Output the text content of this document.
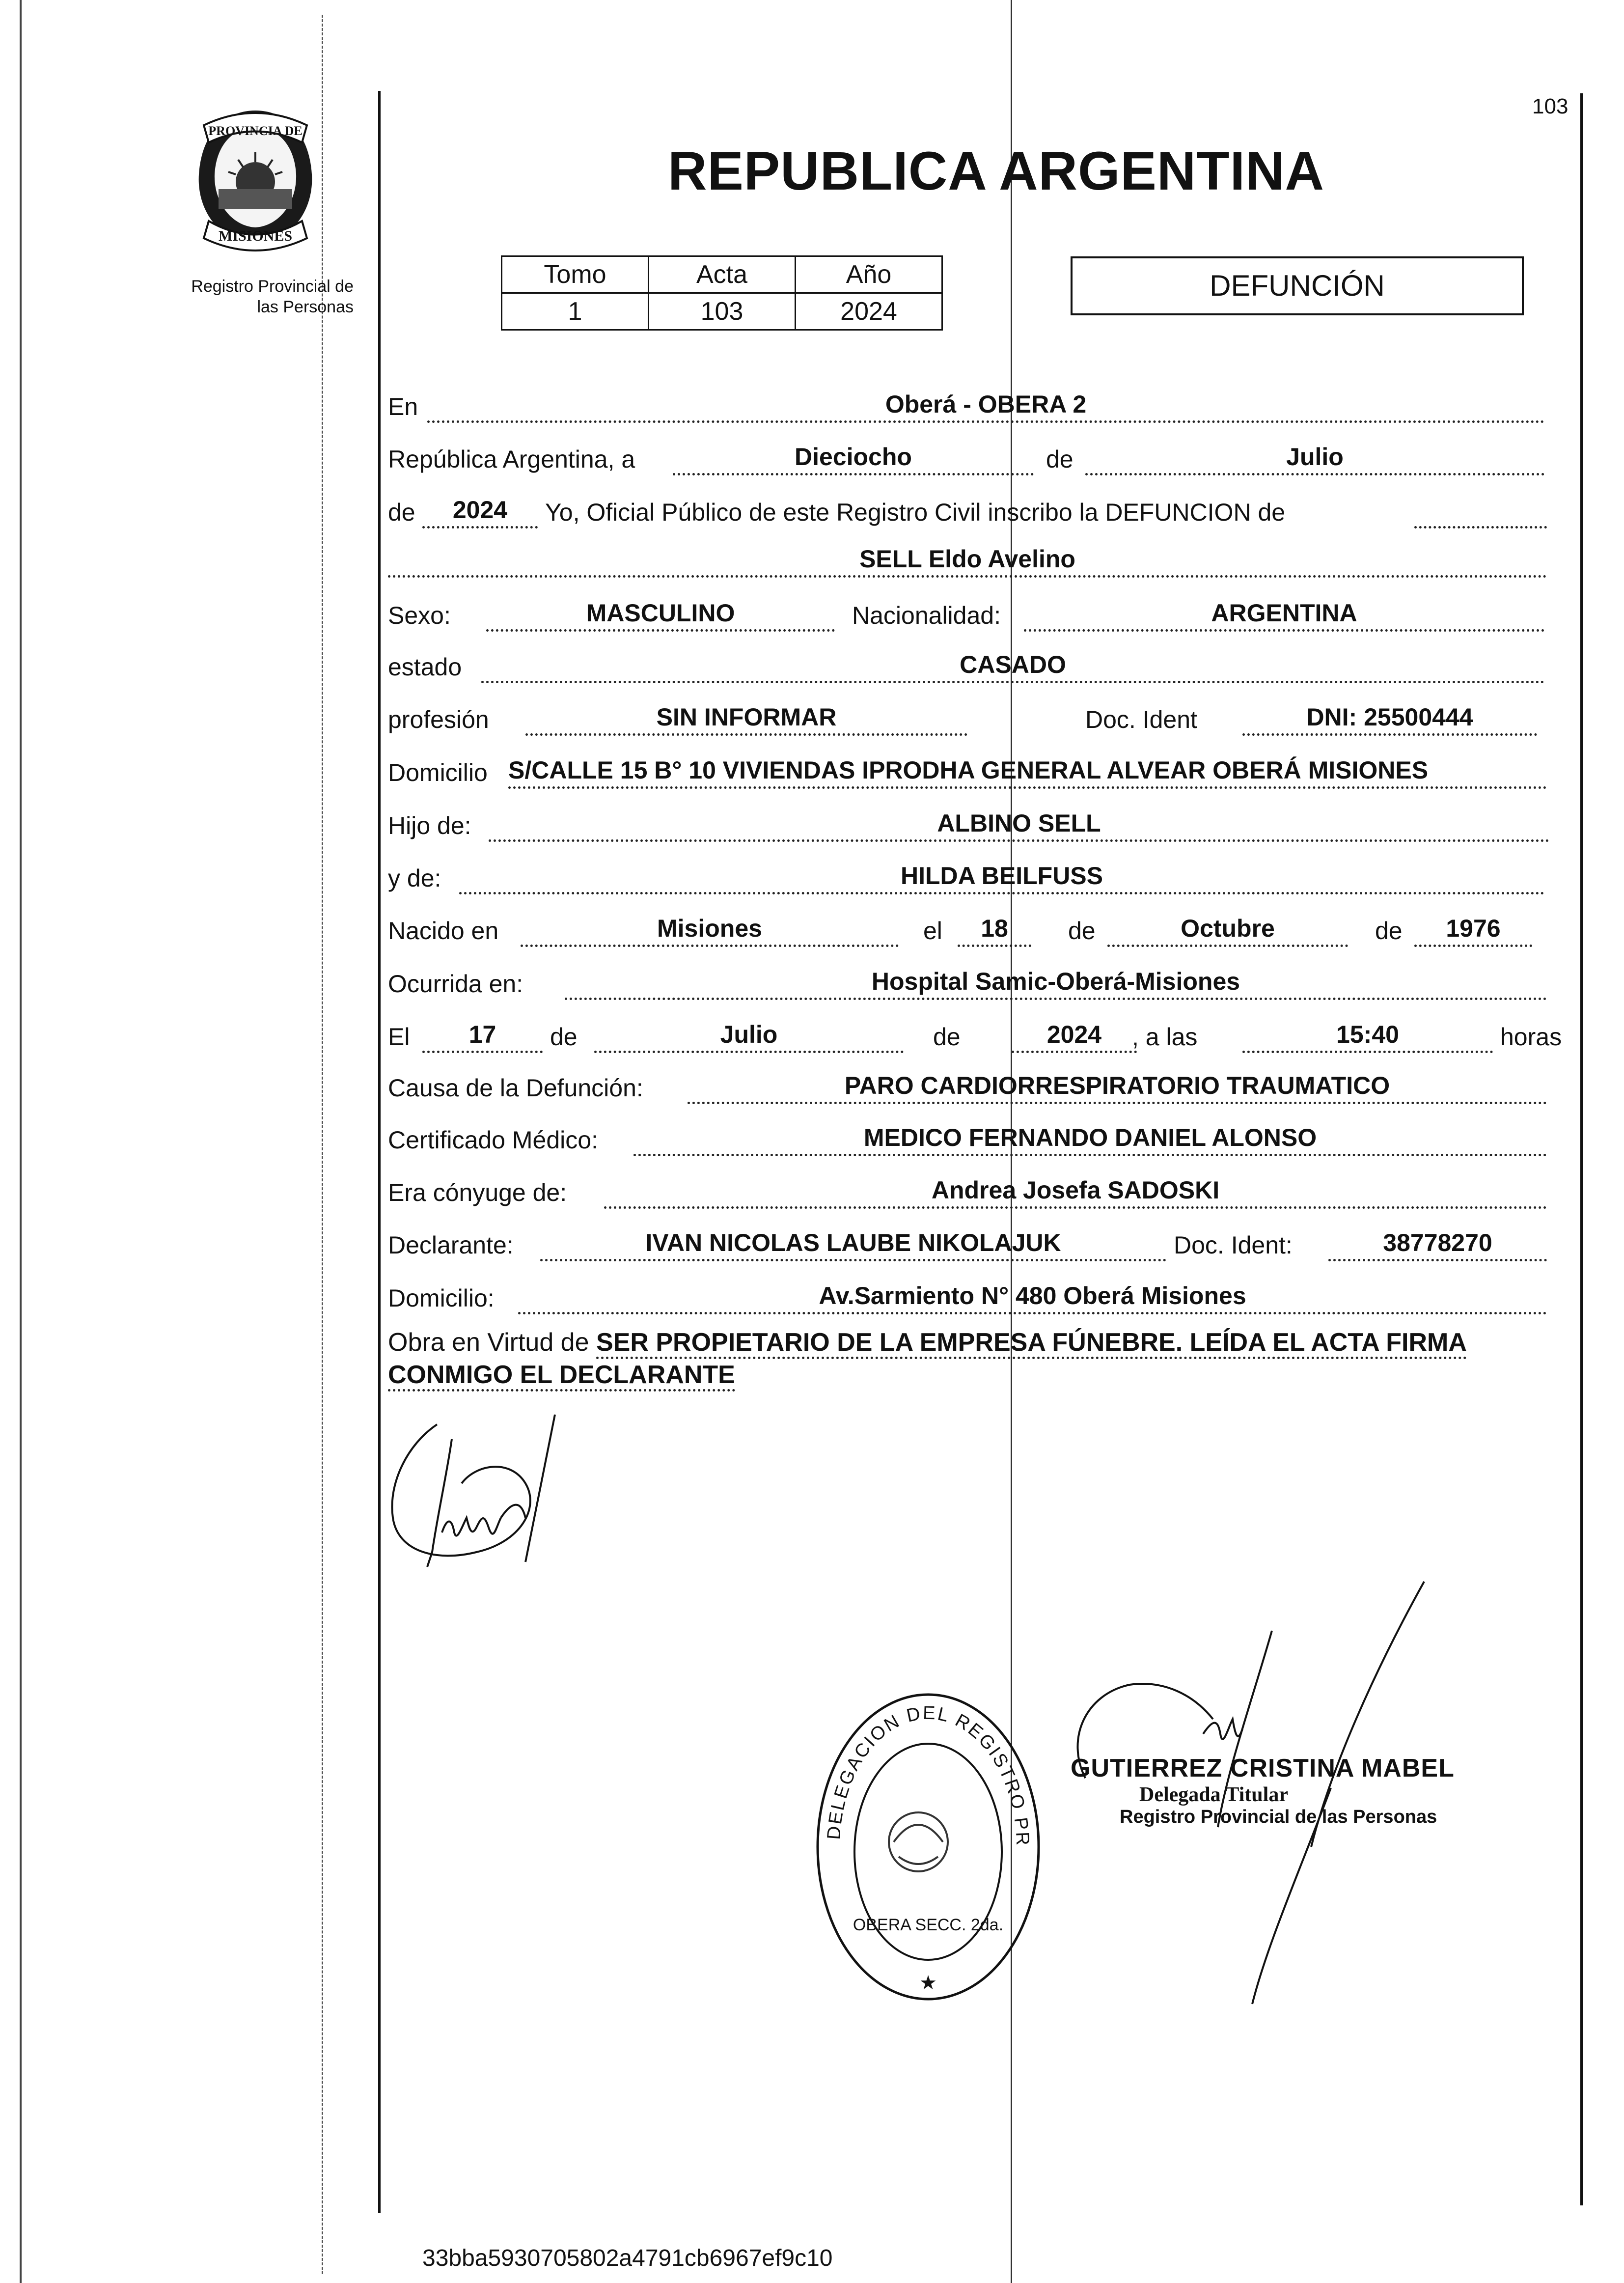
PROVINCIA DE
MISIONES
Registro Provincial de
las Personas
103
REPUBLICA ARGENTINA
Tomo	Acta	Año
1	103	2024
DEFUNCIÓN
En	Oberá - OBERA 2
República Argentina, a	Dieciocho	de	Julio
de	2024	Yo, Oficial Público de este Registro Civil inscribo la DEFUNCION de
SELL Eldo Avelino
Sexo:	MASCULINO	Nacionalidad:	ARGENTINA
estado	CASADO
profesión	SIN INFORMAR	Doc. Ident	DNI: 25500444
Domicilio S/CALLE 15 B° 10 VIVIENDAS IPRODHA GENERAL ALVEAR OBERÁ MISIONES
Hijo de:	ALBINO SELL
y de:	HILDA BEILFUSS
Nacido en	Misiones	el	18	de	Octubre	de	1976
Ocurrida en:	Hospital Samic-Oberá-Misiones
El	17	de	Julio	de	2024	, a las	15:40	horas
Causa de la Defunción:	PARO CARDIORRESPIRATORIO TRAUMATICO
Certificado Médico:	MEDICO FERNANDO DANIEL ALONSO
Era cónyuge de:	Andrea Josefa SADOSKI
Declarante:	IVAN NICOLAS LAUBE NIKOLAJUK	Doc. Ident:	38778270
Domicilio:	Av.Sarmiento N° 480 Oberá Misiones
Obra en Virtud de SER PROPIETARIO DE LA EMPRESA FÚNEBRE. LEÍDA EL ACTA FIRMA CONMIGO EL DECLARANTE
DELEGACION DEL REGISTRO PR
OBERA SECC. 2da.
★
GUTIERREZ CRISTINA MABEL
Delegada Titular
Registro Provincial de las Personas
33bba5930705802a4791cb6967ef9c10
